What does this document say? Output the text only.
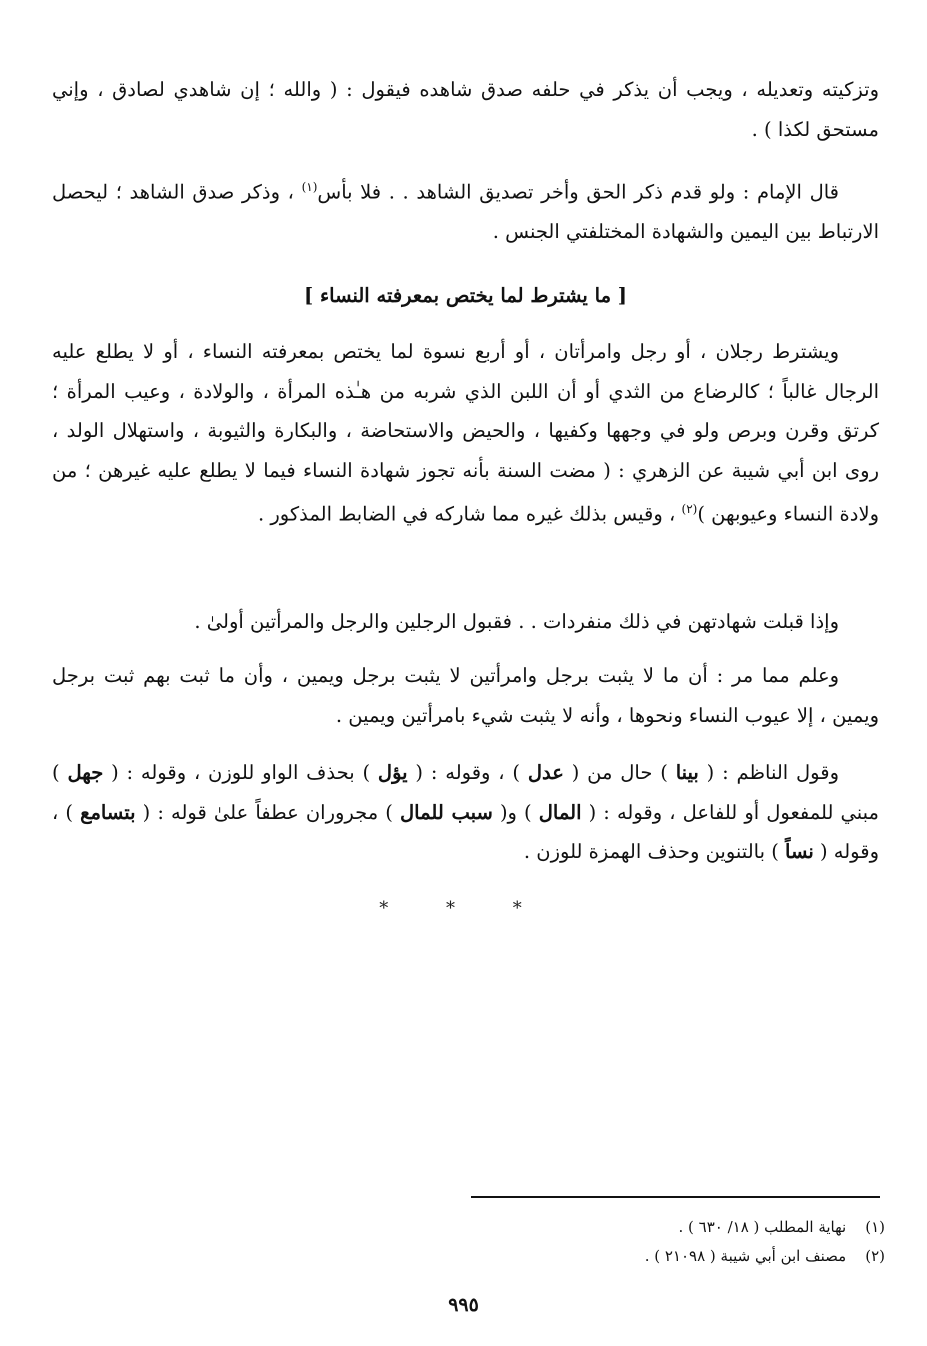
وتزكيته وتعديله ، ويجب أن يذكر في حلفه صدق شاهده فيقول : ( والله ؛ إن شاهدي لصادق ، وإني مستحق لكذا ) .
قال الإمام : ولو قدم ذكر الحق وأخر تصديق الشاهد . . فلا بأس$^{(١)}$ ، وذكر صدق الشاهد ؛ ليحصل الارتباط بين اليمين والشهادة المختلفتي الجنس .
[ ما يشترط لما يختص بمعرفته النساء ]
ويشترط رجلان ، أو رجل وامرأتان ، أو أربع نسوة لما يختص بمعرفته النساء ، أو لا يطلع عليه الرجال غالباً ؛ كالرضاع من الثدي أو أن اللبن الذي شربه من هـٰذه المرأة ، والولادة ، وعيب المرأة ؛ كرتق وقرن وبرص ولو في وجهها وكفيها ، والحيض والاستحاضة ، والبكارة والثيوبة ، واستهلال الولد ، روى ابن أبي شيبة عن الزهري : ( مضت السنة بأنه تجوز شهادة النساء فيما لا يطلع عليه غيرهن ؛ من ولادة النساء وعيوبهن )$^{(٢)}$ ، وقيس بذلك غيره مما شاركه في الضابط المذكور .
وإذا قبلت شهادتهن في ذلك منفردات . . فقبول الرجلين والرجل والمرأتين أولىٰ .
وعلم مما مر : أن ما لا يثبت برجل وامرأتين لا يثبت برجل ويمين ، وأن ما ثبت بهم ثبت برجل ويمين ، إلا عيوب النساء ونحوها ، وأنه لا يثبت شيء بامرأتين ويمين .
وقول الناظم : ( بينا ) حال من ( عدل ) ، وقوله : ( يؤل ) بحذف الواو للوزن ، وقوله : ( جهل ) مبني للمفعول أو للفاعل ، وقوله : ( المال ) و( سبب للمال ) مجروران عطفاً علىٰ قوله : ( بتسامع ) ، وقوله ( نساً ) بالتنوين وحذف الهمزة للوزن .
* * *
(١) نهاية المطلب ( ١٨/ ٦٣٠ ) .
(٢) مصنف ابن أبي شيبة ( ٢١٠٩٨ ) .
٩٩٥
